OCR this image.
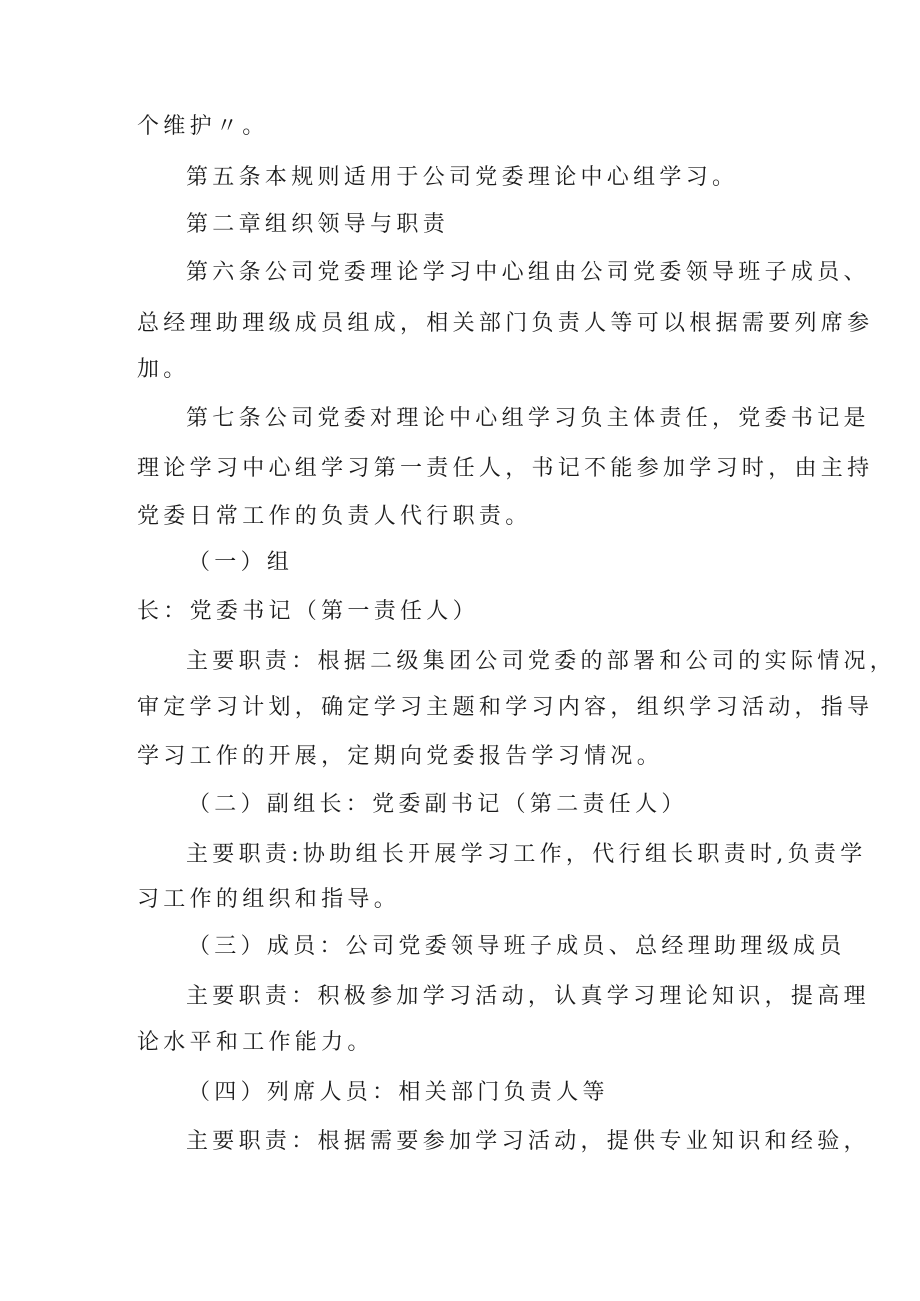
个维护〃。
第五条本规则适用于公司党委理论中心组学习。
第二章组织领导与职责
第六条公司党委理论学习中心组由公司党委领导班子成员、
总经理助理级成员组成，相关部门负责人等可以根据需要列席参
加。
第七条公司党委对理论中心组学习负主体责任，党委书记是
理论学习中心组学习第一责任人，书记不能参加学习时，由主持
党委日常工作的负责人代行职责。
（一）组
长：党委书记（第一责任人）
主要职责：根据二级集团公司党委的部署和公司的实际情况，
审定学习计划，确定学习主题和学习内容，组织学习活动，指导
学习工作的开展，定期向党委报告学习情况。
（二）副组长：党委副书记（第二责任人）
主要职责:协助组长开展学习工作，代行组长职责时,负责学
习工作的组织和指导。
（三）成员：公司党委领导班子成员、总经理助理级成员
主要职责：积极参加学习活动，认真学习理论知识，提高理
论水平和工作能力。
（四）列席人员：相关部门负责人等
主要职责：根据需要参加学习活动，提供专业知识和经验，
